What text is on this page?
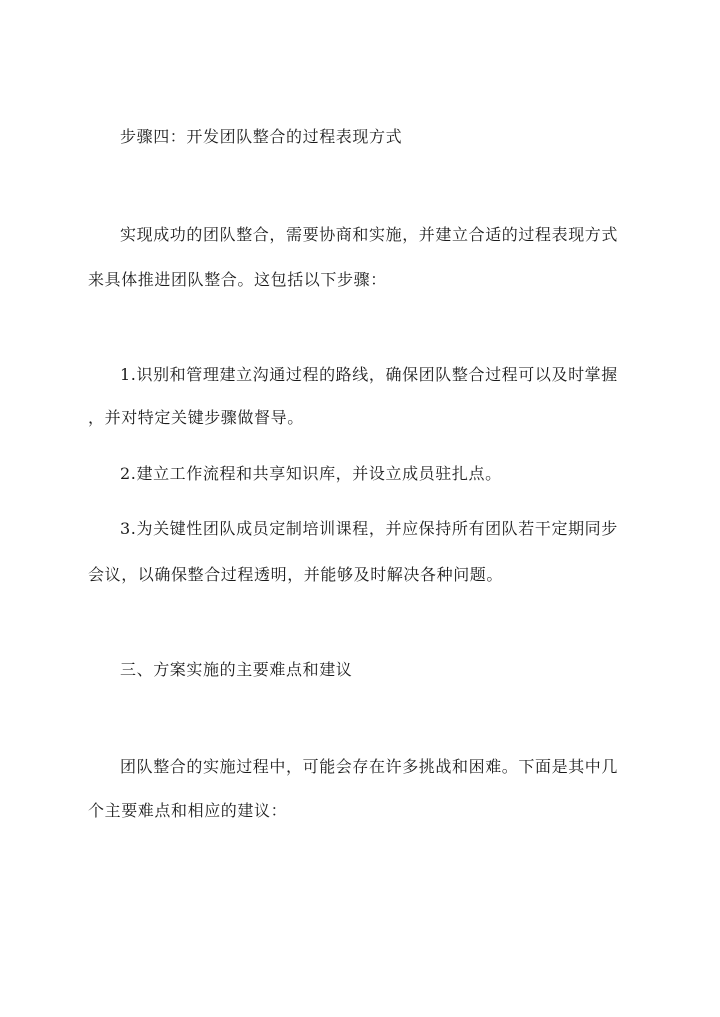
步骤四：开发团队整合的过程表现方式
实现成功的团队整合，需要协商和实施，并建立合适的过程表现方式
来具体推进团队整合。这包括以下步骤：
1.识别和管理建立沟通过程的路线，确保团队整合过程可以及时掌握
，并对特定关键步骤做督导。
2.建立工作流程和共享知识库，并设立成员驻扎点。
3.为关键性团队成员定制培训课程，并应保持所有团队若干定期同步
会议，以确保整合过程透明，并能够及时解决各种问题。
三、方案实施的主要难点和建议
团队整合的实施过程中，可能会存在许多挑战和困难。下面是其中几
个主要难点和相应的建议：
